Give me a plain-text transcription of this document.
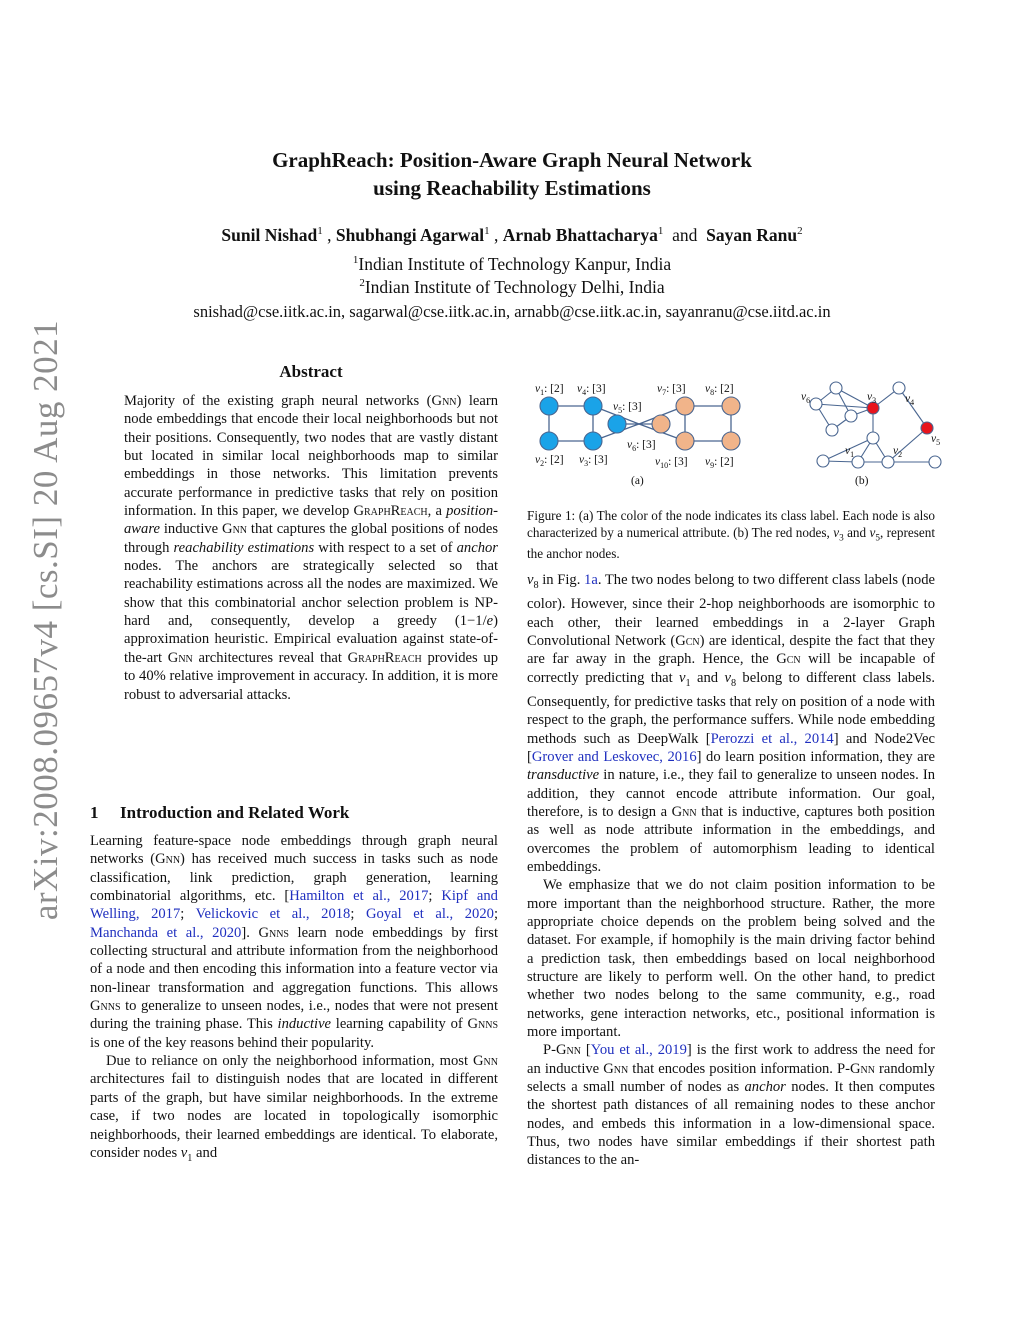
arXiv:2008.09657v4 [cs.SI] 20 Aug 2021
GraphReach: Position-Aware Graph Neural Network
using Reachability Estimations
Sunil Nishad$^1$ , Shubhangi Agarwal$^1$ , Arnab Bhattacharya$^1$ and Sayan Ranu$^2$
$^1$Indian Institute of Technology Kanpur, India
$^2$Indian Institute of Technology Delhi, India
snishad@cse.iitk.ac.in, sagarwal@cse.iitk.ac.in, arnabb@cse.iitk.ac.in, sayanranu@cse.iitd.ac.in
Abstract
Majority of the existing graph neural networks (Gnn) learn node embeddings that encode their local neighborhoods but not their positions. Consequently, two nodes that are vastly distant but located in similar local neighborhoods map to similar embeddings in those networks. This limitation prevents accurate performance in predictive tasks that rely on position information. In this paper, we develop GraphReach, a position-aware inductive Gnn that captures the global positions of nodes through reachability estimations with respect to a set of anchor nodes. The anchors are strategically selected so that reachability estimations across all the nodes are maximized. We show that this combinatorial anchor selection problem is NP-hard and, consequently, develop a greedy (1−1/e) approximation heuristic. Empirical evaluation against state-of-the-art Gnn architectures reveal that GraphReach provides up to 40% relative improvement in accuracy. In addition, it is more robust to adversarial attacks.
1 Introduction and Related Work

Learning feature-space node embeddings through graph neural networks (Gnn) has received much success in tasks such as node classification, link prediction, graph generation, learning combinatorial algorithms, etc. [Hamilton et al., 2017; Kipf and Welling, 2017; Velickovic et al., 2018; Goyal et al., 2020; Manchanda et al., 2020]. Gnns learn node embeddings by first collecting structural and attribute information from the neighborhood of a node and then encoding this information into a feature vector via non-linear transformation and aggregation functions. This allows Gnns to generalize to unseen nodes, i.e., nodes that were not present during the training phase. This inductive learning capability of Gnns is one of the key reasons behind their popularity.

Due to reliance on only the neighborhood information, most Gnn architectures fail to distinguish nodes that are located in different parts of the graph, but have similar neighborhoods. In the extreme case, if two nodes are located in topologically isomorphic neighborhoods, their learned embeddings are identical. To elaborate, consider nodes $v_1$ and

$v_1$: [2] $v_4$: [3]
$v_5$: [3]
$v_6$: [3]
$v_2$: [2] $v_3$: [3]
$v_7$: [3] $v_8$: [2]
$v_{10}$: [3] $v_9$: [2]
(a)
$v_6$	$v_3$	$v_4$
$v_5$
$v_1$	$v_2$
(b)
Figure 1: (a) The color of the node indicates its class label. Each node is also characterized by a numerical attribute. (b) The red nodes, $v_3$ and $v_5$, represent the anchor nodes.

$v_8$ in Fig. 1a. The two nodes belong to two different class labels (node color). However, since their 2-hop neighborhoods are isomorphic to each other, their learned embeddings in a 2-layer Graph Convolutional Network (Gcn) are identical, despite the fact that they are far away in the graph. Hence, the Gcn will be incapable of correctly predicting that $v_1$ and $v_8$ belong to different class labels. Consequently, for predictive tasks that rely on position of a node with respect to the graph, the performance suffers. While node embedding methods such as DeepWalk [Perozzi et al., 2014] and Node2Vec [Grover and Leskovec, 2016] do learn position information, they are transductive in nature, i.e., they fail to generalize to unseen nodes. In addition, they cannot encode attribute information. Our goal, therefore, is to design a Gnn that is inductive, captures both position as well as node attribute information in the embeddings, and overcomes the problem of automorphism leading to identical embeddings.

We emphasize that we do not claim position information to be more important than the neighborhood structure. Rather, the more appropriate choice depends on the problem being solved and the dataset. For example, if homophily is the main driving factor behind a prediction task, then embeddings based on local neighborhood structure are likely to perform well. On the other hand, to predict whether two nodes belong to the same community, e.g., road networks, gene interaction networks, etc., positional information is more important.

P-Gnn [You et al., 2019] is the first work to address the need for an inductive Gnn that encodes position information. P-Gnn randomly selects a small number of nodes as anchor nodes. It then computes the shortest path distances of all remaining nodes to these anchor nodes, and embeds this information in a low-dimensional space. Thus, two nodes have similar embeddings if their shortest path distances to the an-
